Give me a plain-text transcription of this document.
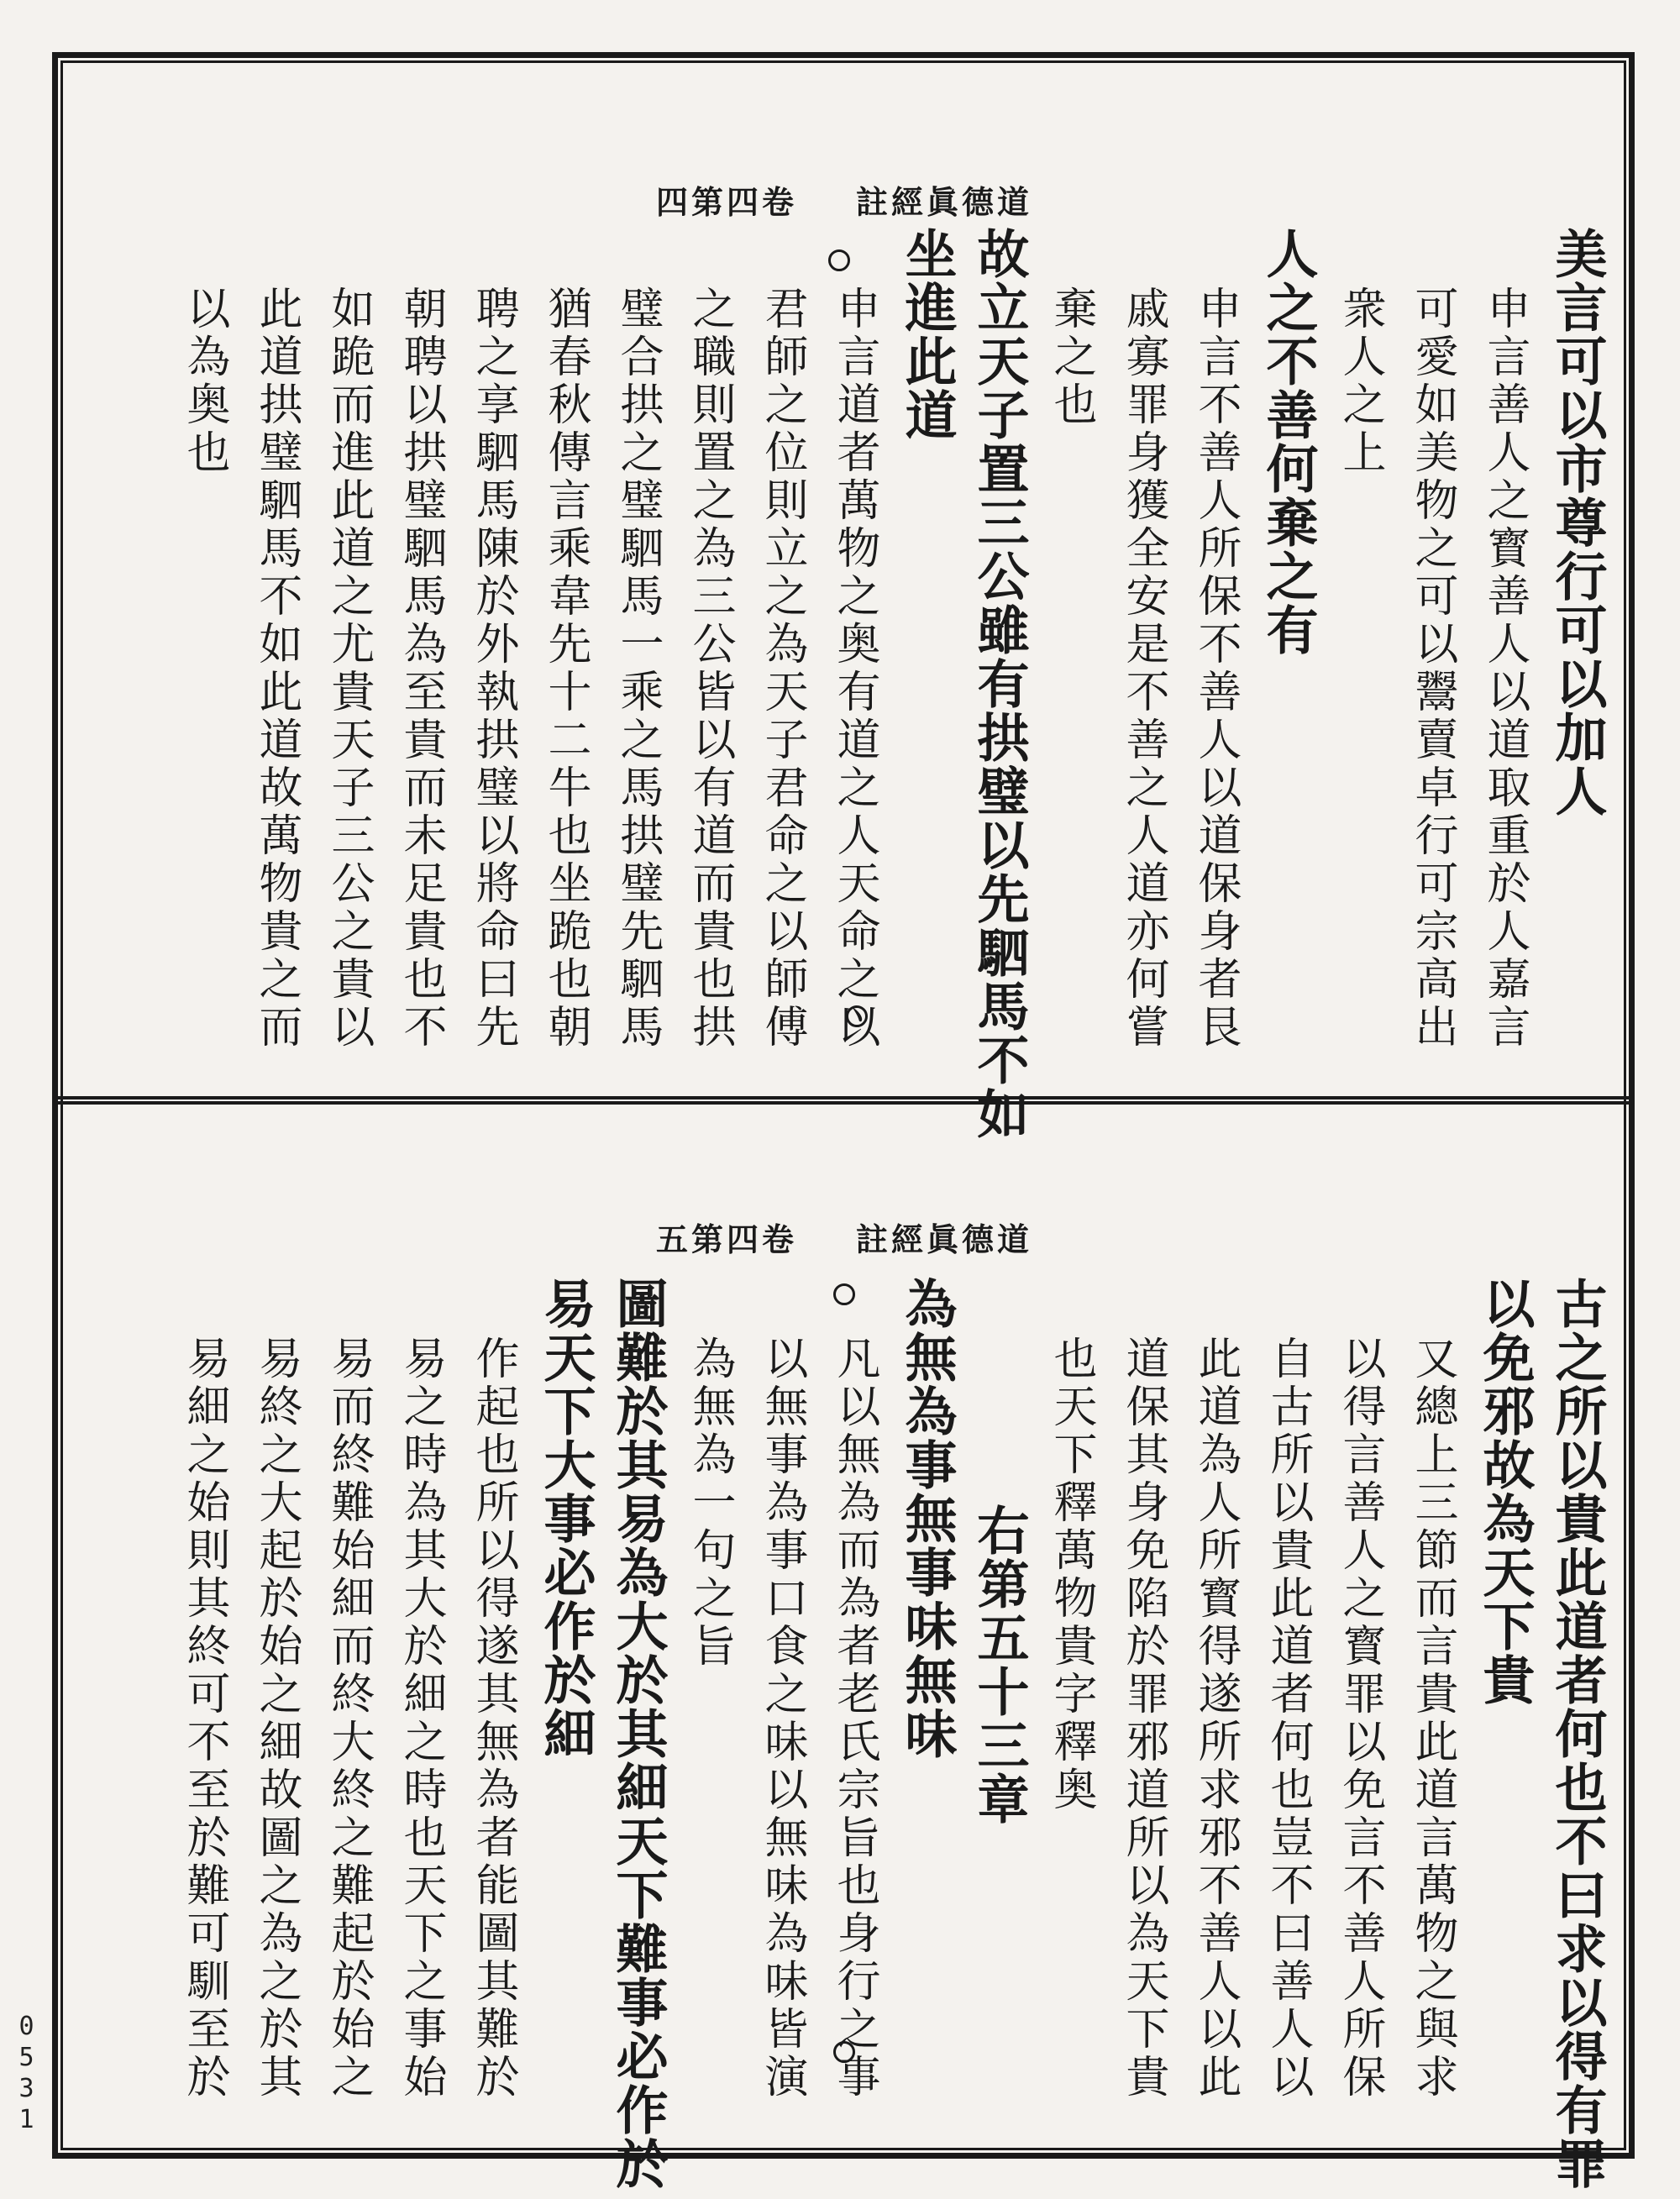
四第四卷 註經眞德道
美言可以市尊行可以加人
申言善人之寳善人以道取重於人嘉言
可愛如美物之可以鬻賣卓行可宗高出
衆人之上
人之不善何棄之有
申言不善人所保不善人以道保身者艮
戚寡罪身獲全安是不善之人道亦何嘗
棄之也
故立天子置三公雖有拱璧以先駟馬不如
坐進此道
申言道者萬物之奥有道之人天命之以
君師之位則立之為天子君命之以師傅
之職則置之為三公皆以有道而貴也拱
璧合拱之璧駟馬一乘之馬拱璧先駟馬
猶春秋傳言乘韋先十二牛也坐跪也朝
聘之享駟馬陳於外執拱璧以將命曰先
朝聘以拱璧駟馬為至貴而未足貴也不
如跪而進此道之尤貴天子三公之貴以
此道拱璧駟馬不如此道故萬物貴之而
以為奥也
五第四卷 註經眞德道
古之所以貴此道者何也不曰求以得有罪
以免邪故為天下貴
又總上三節而言貴此道言萬物之與求
以得言善人之寳罪以免言不善人所保
自古所以貴此道者何也豈不曰善人以
此道為人所寳得遂所求邪不善人以此
道保其身免陷於罪邪道所以為天下貴
也天下釋萬物貴字釋奥
右第五十三章
為無為事無事味無味
凡以無為而為者老氏宗旨也身行之事
以無事為事口食之味以無味為味皆演
為無為一句之旨
圖難於其易為大於其細天下難事必作於
易天下大事必作於細
作起也所以得遂其無為者能圖其難於
易之時為其大於細之時也天下之事始
易而終難始細而終大終之難起於始之
易終之大起於始之細故圖之為之於其
易細之始則其終可不至於難可馴至於
0531
